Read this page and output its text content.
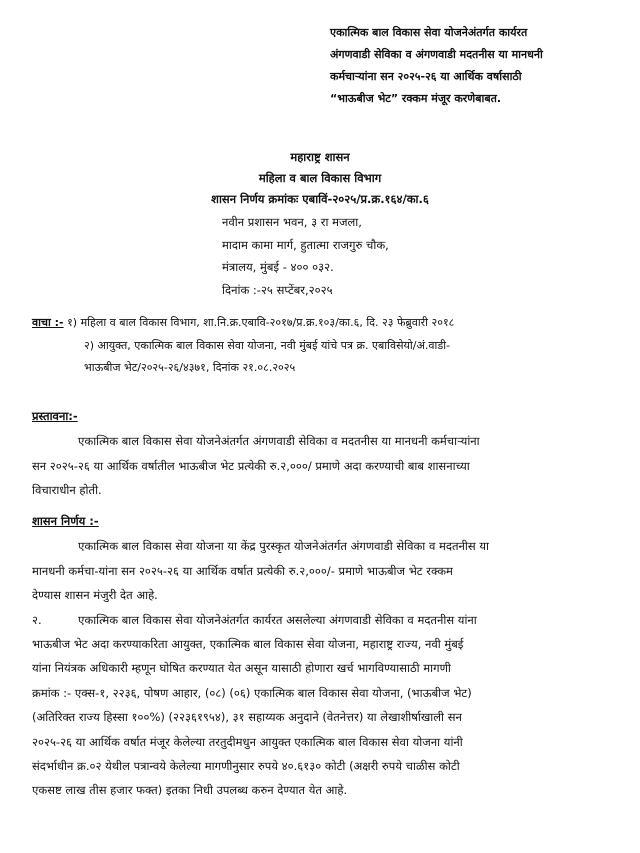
एकात्मिक बाल विकास सेवा योजनेअंतर्गत कार्यरत

अंगणवाडी सेविका व अंगणवाडी मदतनीस या मानधनी

कर्मचाऱ्यांना सन २०२५-२६ या आर्थिक वर्षासाठी

“भाऊबीज भेट” रक्कम मंजूर करणेबाबत.

महाराष्ट्र शासन
महिला व बाल विकास विभाग
शासन निर्णय क्रमांकः एबाविं-२०२५/प्र.क्र.१६४/का.६

नवीन प्रशासन भवन, ३ रा मजला,

मादाम कामा मार्ग, हुतात्मा राजगुरु चौक,

मंत्रालय, मुंबई - ४०० ०३२.

दिनांक :-२५ सप्टेंबर,२०२५

वाचा :- १) महिला व बाल विकास विभाग, शा.नि.क्र.एबावि-२०१७/प्र.क्र.१०३/का.६, दि. २३ फेब्रुवारी २०१८

२) आयुक्त, एकात्मिक बाल विकास सेवा योजना, नवी मुंबई यांचे पत्र क्र. एबाविसेयो/अं.वाडी-

भाऊबीज भेट/२०२५-२६/४३७१, दिनांक २१.०८.२०२५

प्रस्तावना:-

एकात्मिक बाल विकास सेवा योजनेअंतर्गत अंगणवाडी सेविका व मदतनीस या मानधनी कर्मचाऱ्यांना

सन २०२५-२६ या आर्थिक वर्षातील भाऊबीज भेट प्रत्येकी रु.२,०००/ प्रमाणे अदा करण्याची बाब शासनाच्या

विचाराधीन होती.

शासन निर्णय :-

एकात्मिक बाल विकास सेवा योजना या केंद्र पुरस्कृत योजनेअंतर्गत अंगणवाडी सेविका व मदतनीस या

मानधनी कर्मचा-यांना सन २०२५-२६ या आर्थिक वर्षात प्रत्येकी रु.२,०००/- प्रमाणे भाऊबीज भेट रक्कम

देण्यास शासन मंजुरी देत आहे.

२.	एकात्मिक बाल विकास सेवा योजनेअंतर्गत कार्यरत असलेल्या अंगणवाडी सेविका व मदतनीस यांना

भाऊबीज भेट अदा करण्याकरिता आयुक्त, एकात्मिक बाल विकास सेवा योजना, महाराष्ट्र राज्य, नवी मुंबई

यांना नियंत्रक अधिकारी म्हणून घोषित करण्यात येत असून यासाठी होणारा खर्च भागविण्यासाठी मागणी

क्रमांक :- एक्स-१, २२३६, पोषण आहार, (०८) (०६) एकात्मिक बाल विकास सेवा योजना, (भाऊबीज भेट)

(अतिरिक्त राज्य हिस्सा १००%) (२२३६१९५४), ३१ सहाय्यक अनुदाने (वेतनेत्तर) या लेखाशीर्षाखाली सन

२०२५-२६ या आर्थिक वर्षात मंजूर केलेल्या तरतुदीमधुन आयुक्त एकात्मिक बाल विकास सेवा योजना यांनी

संदर्भाधीन क्र.०२ येथील पत्रान्वये केलेल्या मागणीनुसार रुपये ४०.६१३० कोटी (अक्षरी रुपये चाळीस कोटी

एकसष्ट लाख तीस हजार फक्त) इतका निधी उपलब्ध करुन देण्यात येत आहे.
